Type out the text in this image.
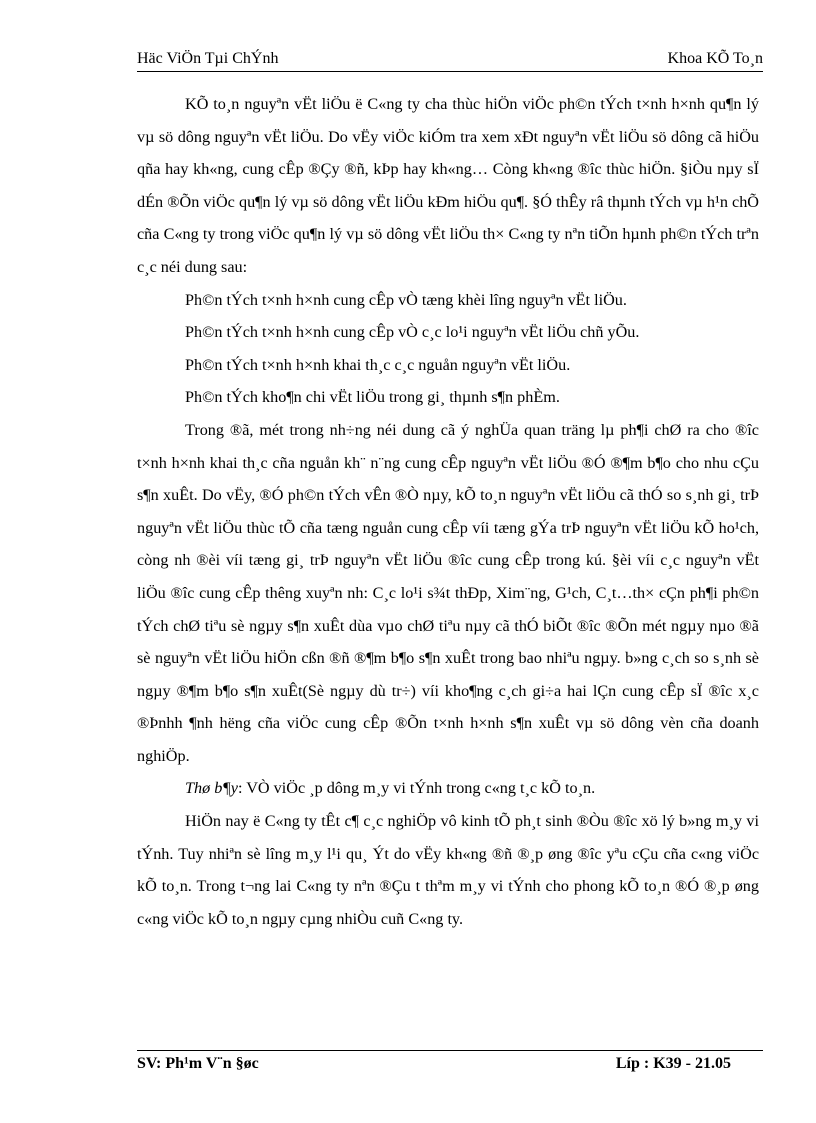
Häc ViÖn Tµi ChÝnh	Khoa KÕ To¸n

KÕ to¸n nguyªn vËt liÖu ë C«ng ty cha thùc hiÖn viÖc ph©n tÝch t×nh h×nh qu¶n lý vµ sö dông nguyªn vËt liÖu. Do vËy viÖc kiÓm tra xem xÐt nguyªn vËt liÖu sö dông cã hiÖu qña hay kh«ng, cung cÊp ®Çy ®ñ, kÞp hay kh«ng… Còng kh«ng ®îc thùc hiÖn. §iÒu nµy sÏ dÉn ®Õn viÖc qu¶n lý vµ sö dông vËt liÖu kÐm hiÖu qu¶. §Ó thÊy râ thµnh tÝch vµ h¹n chÕ cña C«ng ty trong viÖc qu¶n lý vµ sö dông vËt liÖu th× C«ng ty nªn tiÕn hµnh ph©n tÝch trªn c¸c néi dung sau:

Ph©n tÝch t×nh h×nh cung cÊp vÒ tæng khèi lîng nguyªn vËt liÖu.

Ph©n tÝch t×nh h×nh cung cÊp vÒ c¸c lo¹i nguyªn vËt liÖu chñ yÕu.

Ph©n tÝch t×nh h×nh khai th¸c c¸c nguån nguyªn vËt liÖu.

Ph©n tÝch kho¶n chi vËt liÖu trong gi¸ thµnh s¶n phÈm.

Trong ®ã, mét trong nh÷ng néi dung cã ý nghÜa quan träng lµ ph¶i chØ ra cho ®îc t×nh h×nh khai th¸c cña nguån kh¨ n¨ng cung cÊp nguyªn vËt liÖu ®Ó ®¶m b¶o cho nhu cÇu s¶n xuÊt. Do vËy, ®Ó ph©n tÝch vÊn ®Ò nµy, kÕ to¸n nguyªn vËt liÖu cã thÓ so s¸nh gi¸ trÞ nguyªn vËt liÖu thùc tÕ cña tæng nguån cung cÊp víi tæng gÝa trÞ nguyªn vËt liÖu kÕ ho¹ch, còng nh ®èi víi tæng gi¸ trÞ nguyªn vËt liÖu ®îc cung cÊp trong kú. §èi víi c¸c nguyªn vËt liÖu ®îc cung cÊp thêng xuyªn nh: C¸c lo¹i s¾t thÐp, Xim¨ng, G¹ch, C¸t…th× cÇn ph¶i ph©n tÝch chØ tiªu sè ngµy s¶n xuÊt dùa vµo chØ tiªu nµy cã thÓ biÕt ®îc ®Õn mét ngµy nµo ®ã sè nguyªn vËt liÖu hiÖn cßn ®ñ ®¶m b¶o s¶n xuÊt trong bao nhiªu ngµy. b»ng c¸ch so s¸nh sè ngµy ®¶m b¶o s¶n xuÊt(Sè ngµy dù tr÷) víi kho¶ng c¸ch gi÷a hai lÇn cung cÊp sÏ ®îc x¸c ®Þnhh ¶nh hëng cña viÖc cung cÊp ®Õn t×nh h×nh s¶n xuÊt vµ sö dông vèn cña doanh nghiÖp.

Thø b¶y: VÒ viÖc ¸p dông m¸y vi tÝnh trong c«ng t¸c kÕ to¸n.

HiÖn nay ë C«ng ty tÊt c¶ c¸c nghiÖp vô kinh tÕ ph¸t sinh ®Òu ®îc xö lý b»ng m¸y vi tÝnh. Tuy nhiªn sè lîng m¸y l¹i qu¸ Ýt do vËy kh«ng ®ñ ®¸p øng ®îc yªu cÇu cña c«ng viÖc kÕ to¸n. Trong t¬ng lai C«ng ty nªn ®Çu t thªm m¸y vi tÝnh cho phong kÕ to¸n ®Ó ®¸p øng c«ng viÖc kÕ to¸n ngµy cµng nhiÒu cuñ C«ng ty.

SV: Ph¹m V¨n §øc	Líp : K39 - 21.05
